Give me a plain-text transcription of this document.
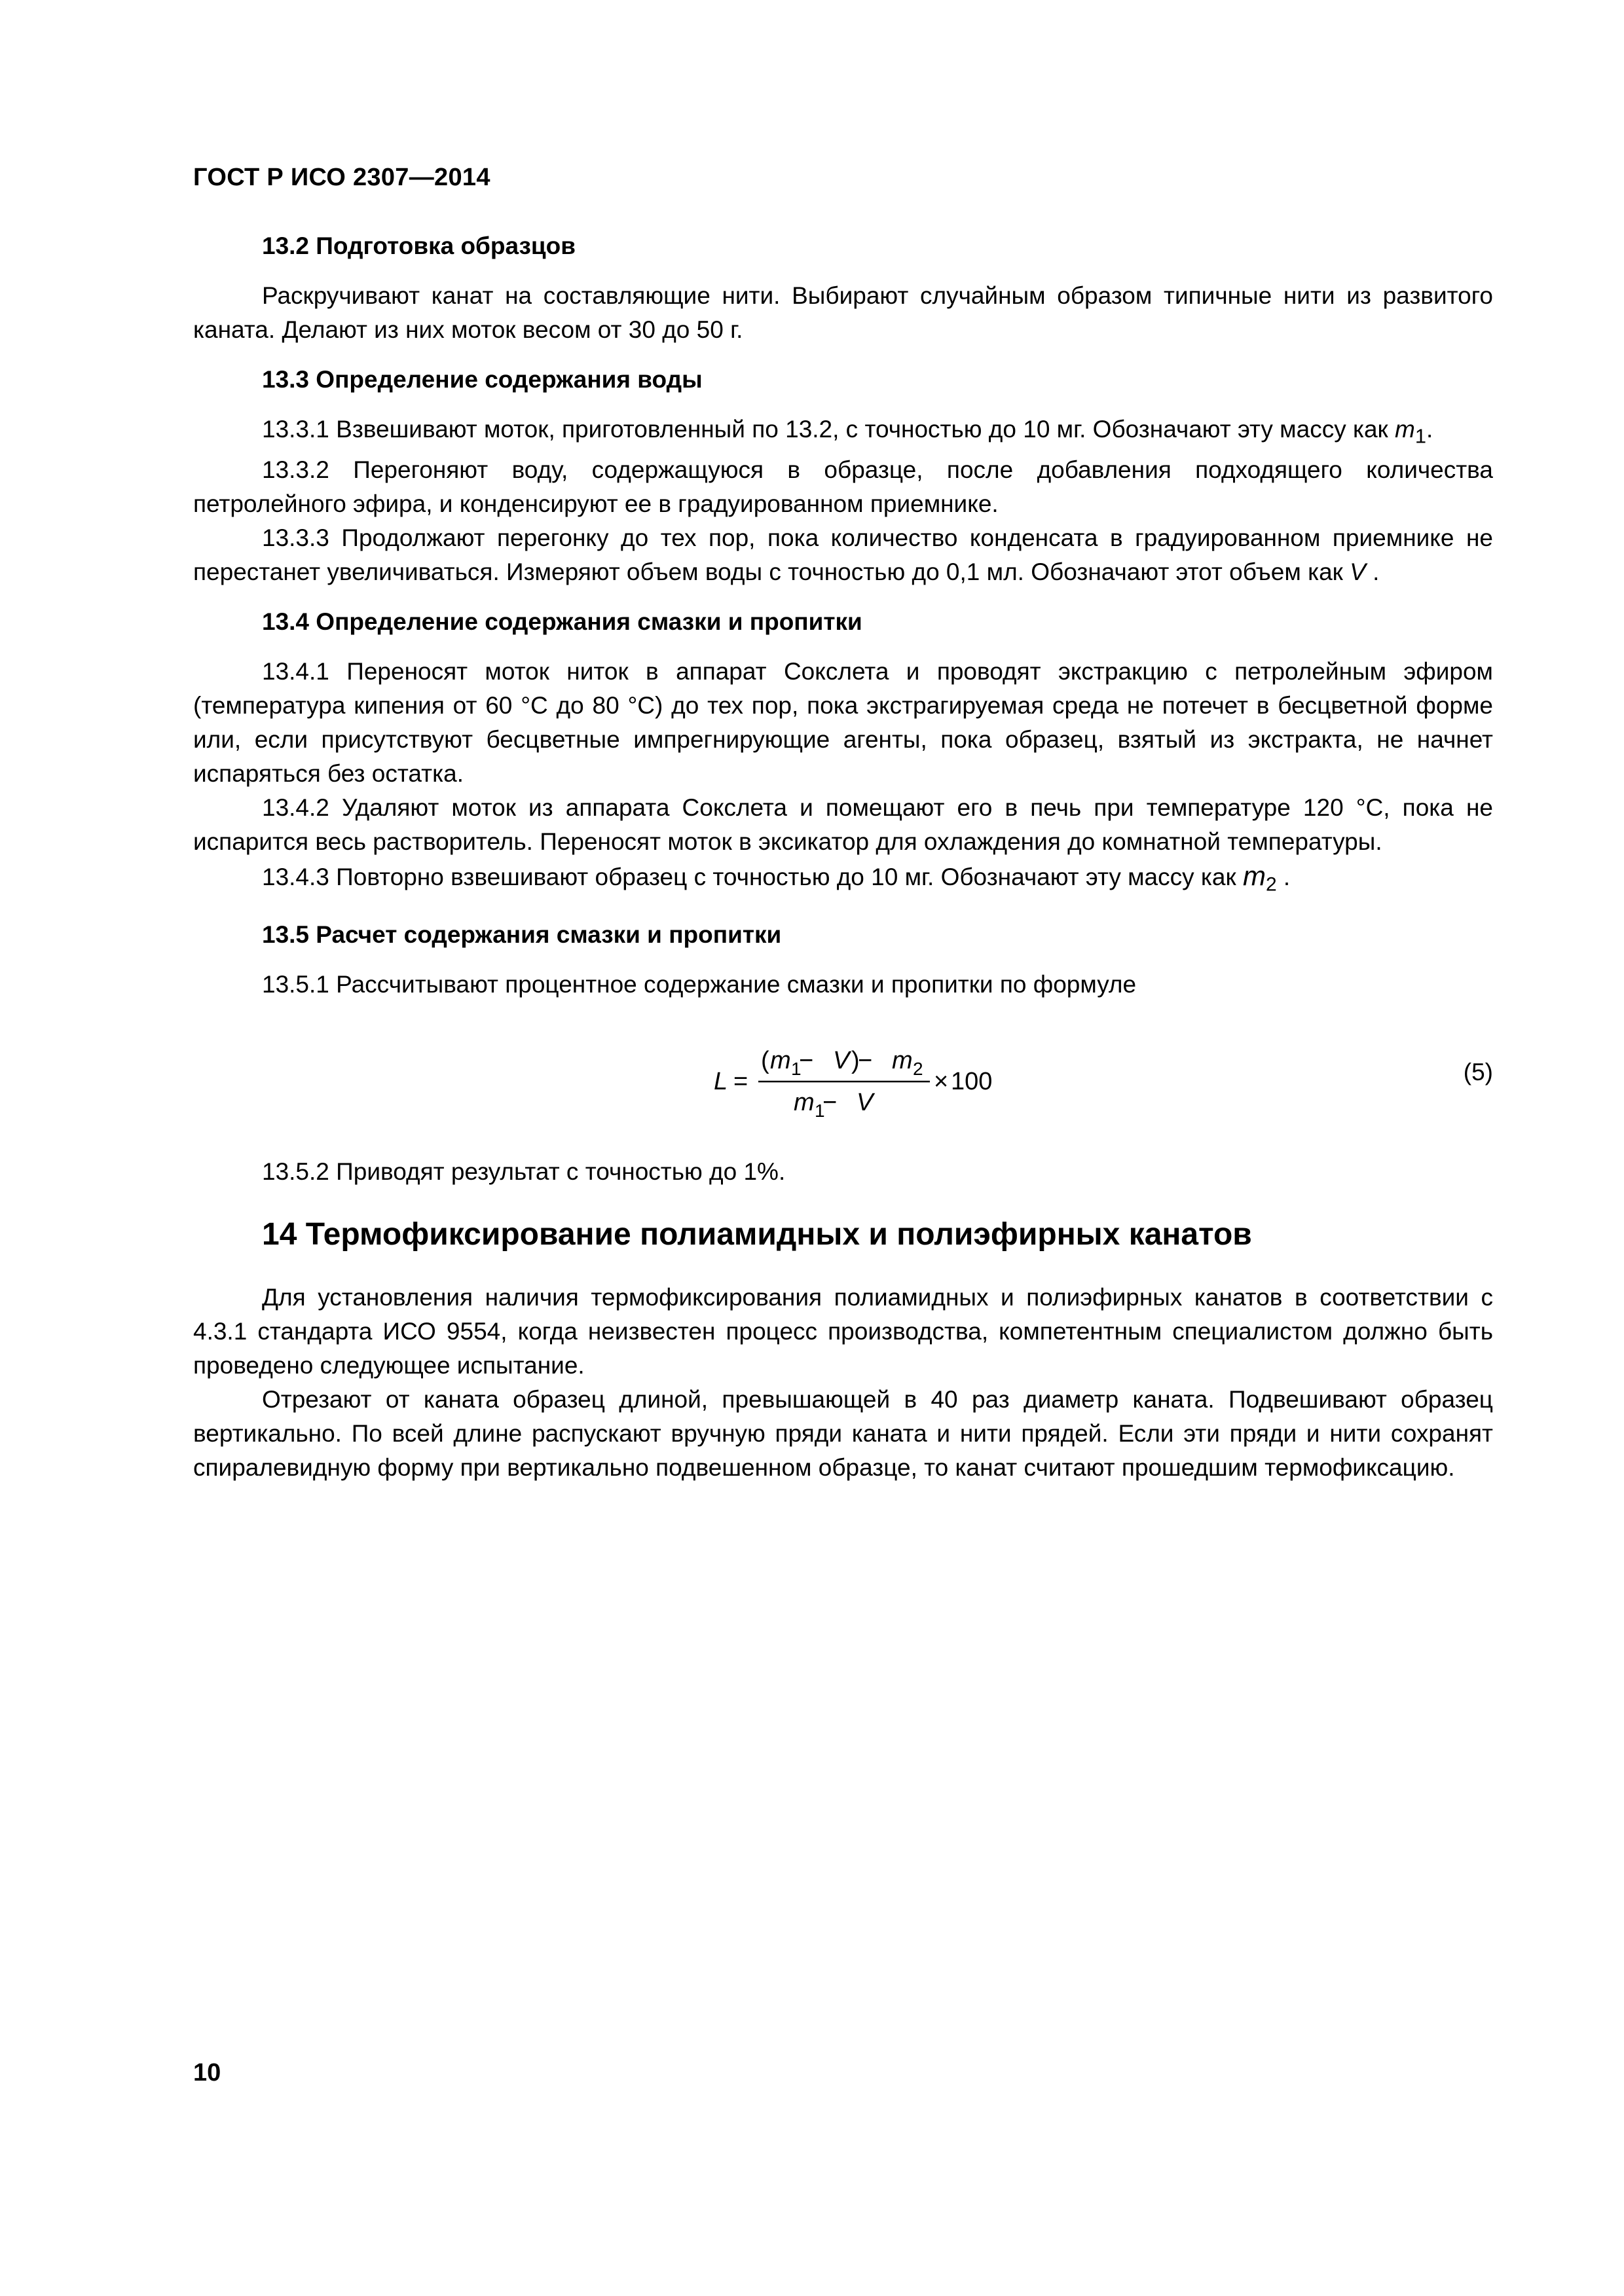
ГОСТ Р ИСО 2307—2014
13.2 Подготовка образцов

Раскручивают канат на составляющие нити. Выбирают случайным образом типичные нити из развитого каната. Делают из них моток весом от 30 до 50 г.

13.3 Определение содержания воды

13.3.1 Взвешивают моток, приготовленный по 13.2, с точностью до 10 мг. Обозначают эту массу как $m_1$.

13.3.2 Перегоняют воду, содержащуюся в образце, после добавления подходящего количества петролейного эфира, и конденсируют ее в градуированном приемнике.

13.3.3 Продолжают перегонку до тех пор, пока количество конденсата в градуированном приемнике не перестанет увеличиваться. Измеряют объем воды с точностью до 0,1 мл. Обозначают этот объем как V .

13.4 Определение содержания смазки и пропитки

13.4.1 Переносят моток ниток в аппарат Сокслета и проводят экстракцию с петролейным эфиром (температура кипения от 60 °С до 80 °С) до тех пор, пока экстрагируемая среда не потечет в бесцветной форме или, если присутствуют бесцветные импрегнирующие агенты, пока образец, взятый из экстракта, не начнет испаряться без остатка.

13.4.2 Удаляют моток из аппарата Сокслета и помещают его в печь при температуре 120 °С, пока не испарится весь растворитель. Переносят моток в эксикатор для охлаждения до комнатной температуры.

13.4.3 Повторно взвешивают образец с точностью до 10 мг. Обозначают эту массу как $m_2$ .

13.5 Расчет содержания смазки и пропитки

13.5.1 Рассчитывают процентное содержание смазки и пропитки по формуле

L =
( m 1
− V )
− m 2
m 1
− V
× 100	(5)

13.5.2 Приводят результат с точностью до 1%.

14 Термофиксирование полиамидных и полиэфирных канатов

Для установления наличия термофиксирования полиамидных и полиэфирных канатов в соответствии с 4.3.1 стандарта ИСО 9554, когда неизвестен процесс производства, компетентным специалистом должно быть проведено следующее испытание.

Отрезают от каната образец длиной, превышающей в 40 раз диаметр каната. Подвешивают образец вертикально. По всей длине распускают вручную пряди каната и нити прядей. Если эти пряди и нити сохранят спиралевидную форму при вертикально подвешенном образце, то канат считают прошедшим термофиксацию.

10
